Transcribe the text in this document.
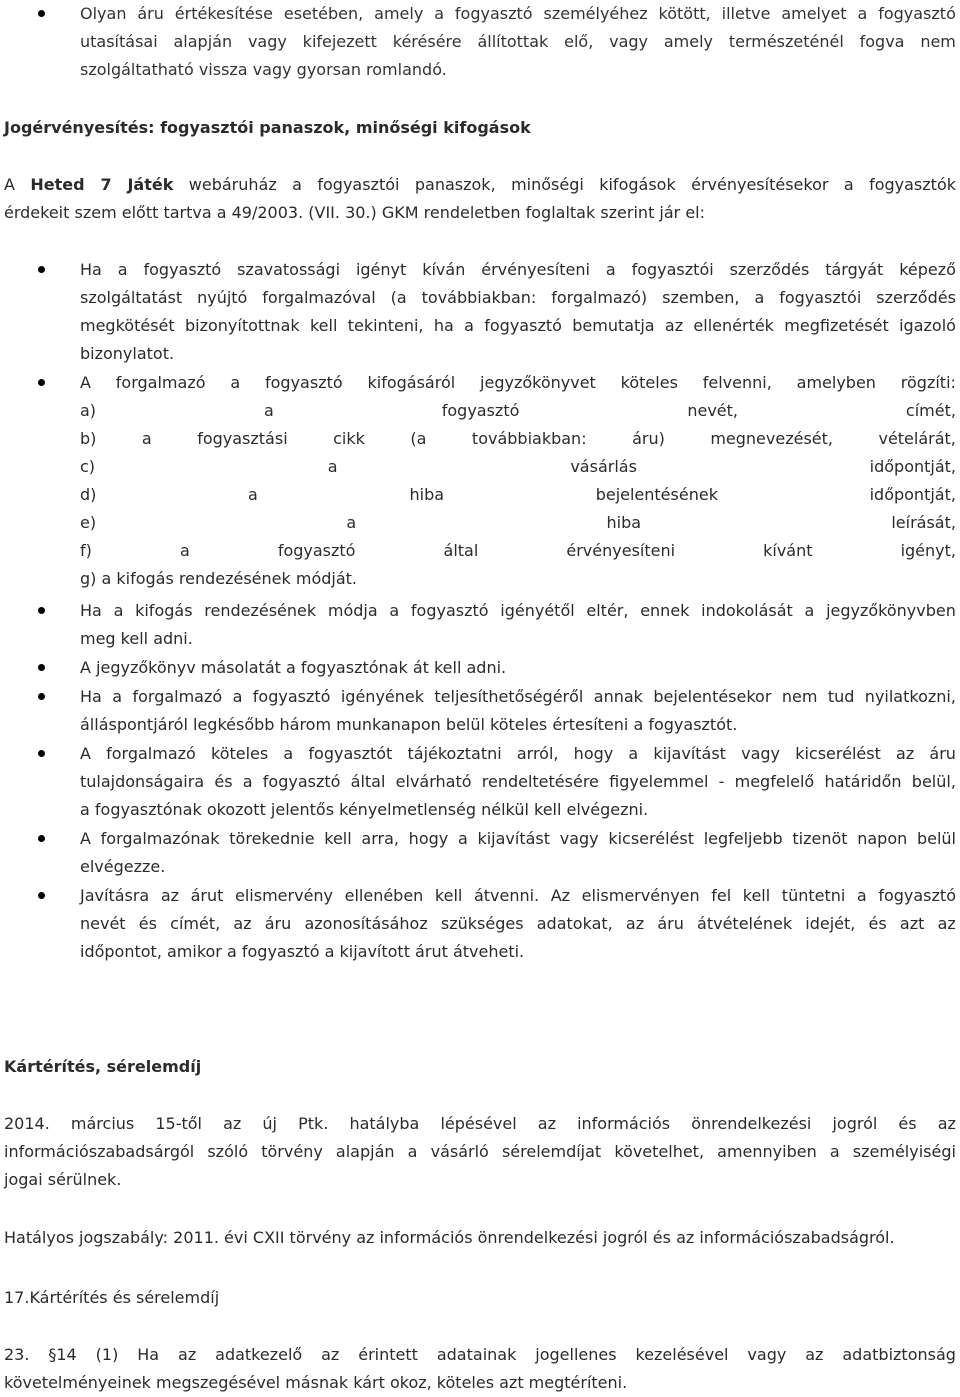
Olyan áru értékesítése esetében, amely a fogyasztó személyéhez kötött, illetve amelyet a fogyasztó
utasításai alapján vagy kifejezett kérésére állítottak elő, vagy amely természeténél fogva nem
szolgáltatható vissza vagy gyorsan romlandó.
Jogérvényesítés: fogyasztói panaszok, minőségi kifogások
A Heted 7 Játék webáruház a fogyasztói panaszok, minőségi kifogások érvényesítésekor a fogyasztók
érdekeit szem előtt tartva a 49/2003. (VII. 30.) GKM rendeletben foglaltak szerint jár el:
Ha a fogyasztó szavatossági igényt kíván érvényesíteni a fogyasztói szerződés tárgyát képező
szolgáltatást nyújtó forgalmazóval (a továbbiakban: forgalmazó) szemben, a fogyasztói szerződés
megkötését bizonyítottnak kell tekinteni, ha a fogyasztó bemutatja az ellenérték megfizetését igazoló
bizonylatot.
A forgalmazó a fogyasztó kifogásáról jegyzőkönyvet köteles felvenni, amelyben rögzíti:
a)	a	fogyasztó	nevét,	címét,
b)	a	fogyasztási	cikk	(a	továbbiakban:	áru)	megnevezését,	vételárát,
c)	a	vásárlás	időpontját,
d)	a	hiba	bejelentésének	időpontját,
e)	a	hiba	leírását,
f)	a	fogyasztó	által	érvényesíteni	kívánt	igényt,
g) a kifogás rendezésének módját.
Ha a kifogás rendezésének módja a fogyasztó igényétől eltér, ennek indokolását a jegyzőkönyvben
meg kell adni.
A jegyzőkönyv másolatát a fogyasztónak át kell adni.
Ha a forgalmazó a fogyasztó igényének teljesíthetőségéről annak bejelentésekor nem tud nyilatkozni,
álláspontjáról legkésőbb három munkanapon belül köteles értesíteni a fogyasztót.
A forgalmazó köteles a fogyasztót tájékoztatni arról, hogy a kijavítást vagy kicserélést az áru
tulajdonságaira és a fogyasztó által elvárható rendeltetésére figyelemmel - megfelelő határidőn belül,
a fogyasztónak okozott jelentős kényelmetlenség nélkül kell elvégezni.
A forgalmazónak törekednie kell arra, hogy a kijavítást vagy kicserélést legfeljebb tizenöt napon belül
elvégezze.
Javításra az árut elismervény ellenében kell átvenni. Az elismervényen fel kell tüntetni a fogyasztó
nevét és címét, az áru azonosításához szükséges adatokat, az áru átvételének idejét, és azt az
időpontot, amikor a fogyasztó a kijavított árut átveheti.
Kártérítés, sérelemdíj
2014. március 15-től az új Ptk. hatályba lépésével az információs önrendelkezési jogról és az
információszabadsárgól szóló törvény alapján a vásárló sérelemdíjat követelhet, amennyiben a személyiségi
jogai sérülnek.
Hatályos jogszabály: 2011. évi CXII törvény az információs önrendelkezési jogról és az információszabadságról.
17.Kártérítés és sérelemdíj
23. §14 (1) Ha az adatkezelő az érintett adatainak jogellenes kezelésével vagy az adatbiztonság
követelményeinek megszegésével másnak kárt okoz, köteles azt megtéríteni.
